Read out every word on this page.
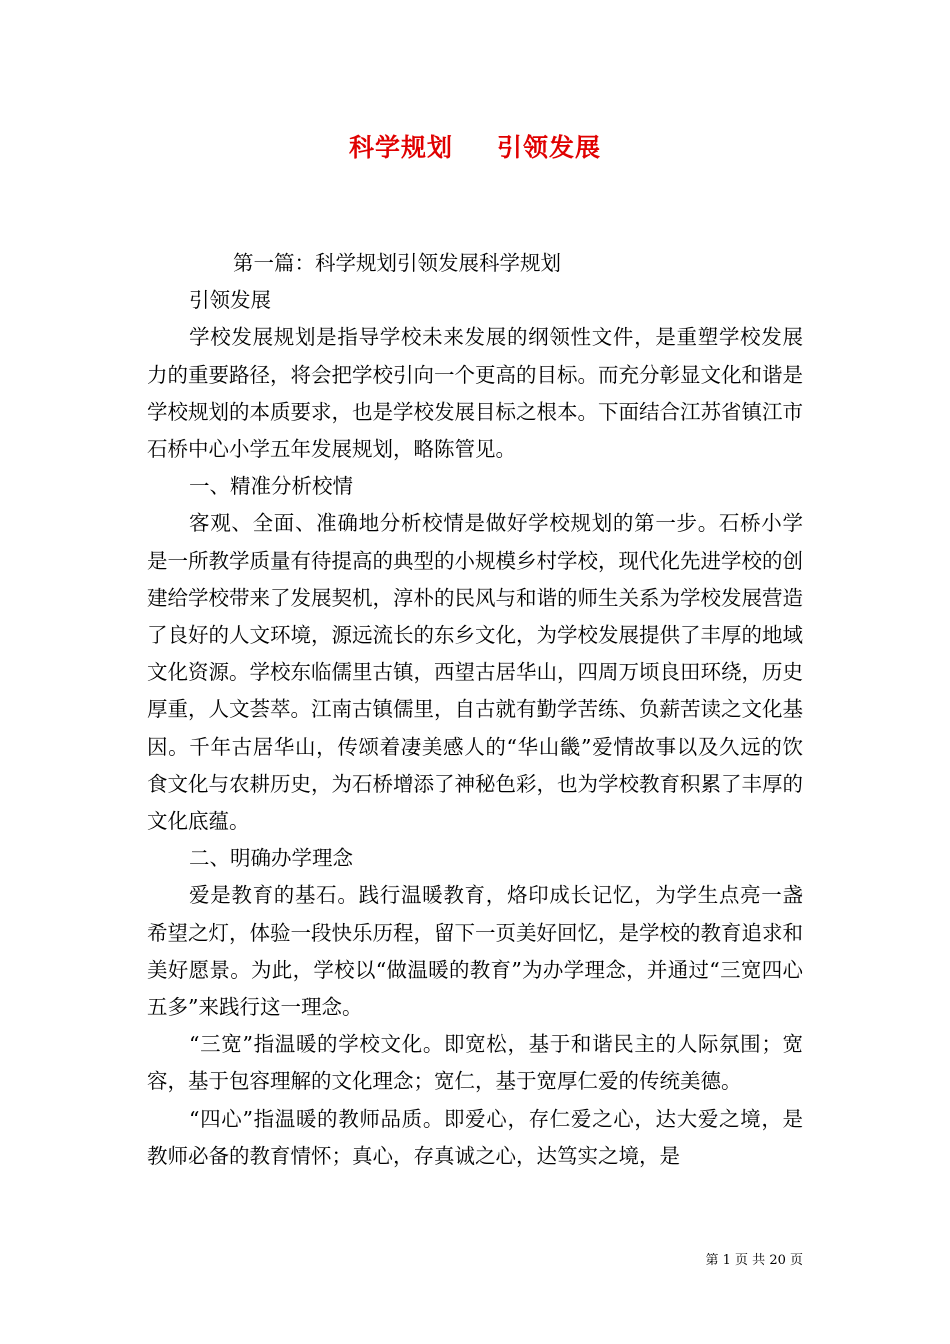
科学规划 引领发展

第一篇：科学规划引领发展科学规划

引领发展

学校发展规划是指导学校未来发展的纲领性文件，是重塑学校发展力的重要路径，将会把学校引向一个更高的目标。而充分彰显文化和谐是学校规划的本质要求，也是学校发展目标之根本。下面结合江苏省镇江市石桥中心小学五年发展规划，略陈管见。

一、精准分析校情

客观、全面、准确地分析校情是做好学校规划的第一步。石桥小学是一所教学质量有待提高的典型的小规模乡村学校，现代化先进学校的创建给学校带来了发展契机，淳朴的民风与和谐的师生关系为学校发展营造了良好的人文环境，源远流长的东乡文化，为学校发展提供了丰厚的地域文化资源。学校东临儒里古镇，西望古居华山，四周万顷良田环绕，历史厚重，人文荟萃。江南古镇儒里，自古就有勤学苦练、负薪苦读之文化基因。千年古居华山，传颂着凄美感人的“华山畿”爱情故事以及久远的饮食文化与农耕历史，为石桥增添了神秘色彩，也为学校教育积累了丰厚的文化底蕴。

二、明确办学理念

爱是教育的基石。践行温暖教育，烙印成长记忆，为学生点亮一盏希望之灯，体验一段快乐历程，留下一页美好回忆，是学校的教育追求和美好愿景。为此，学校以“做温暖的教育”为办学理念，并通过“三宽四心五多”来践行这一理念。

“三宽”指温暖的学校文化。即宽松，基于和谐民主的人际氛围；宽容，基于包容理解的文化理念；宽仁，基于宽厚仁爱的传统美德。

“四心”指温暖的教师品质。即爱心，存仁爱之心，达大爱之境，是教师必备的教育情怀；真心，存真诚之心，达笃实之境，是

第 1 页 共 20 页
